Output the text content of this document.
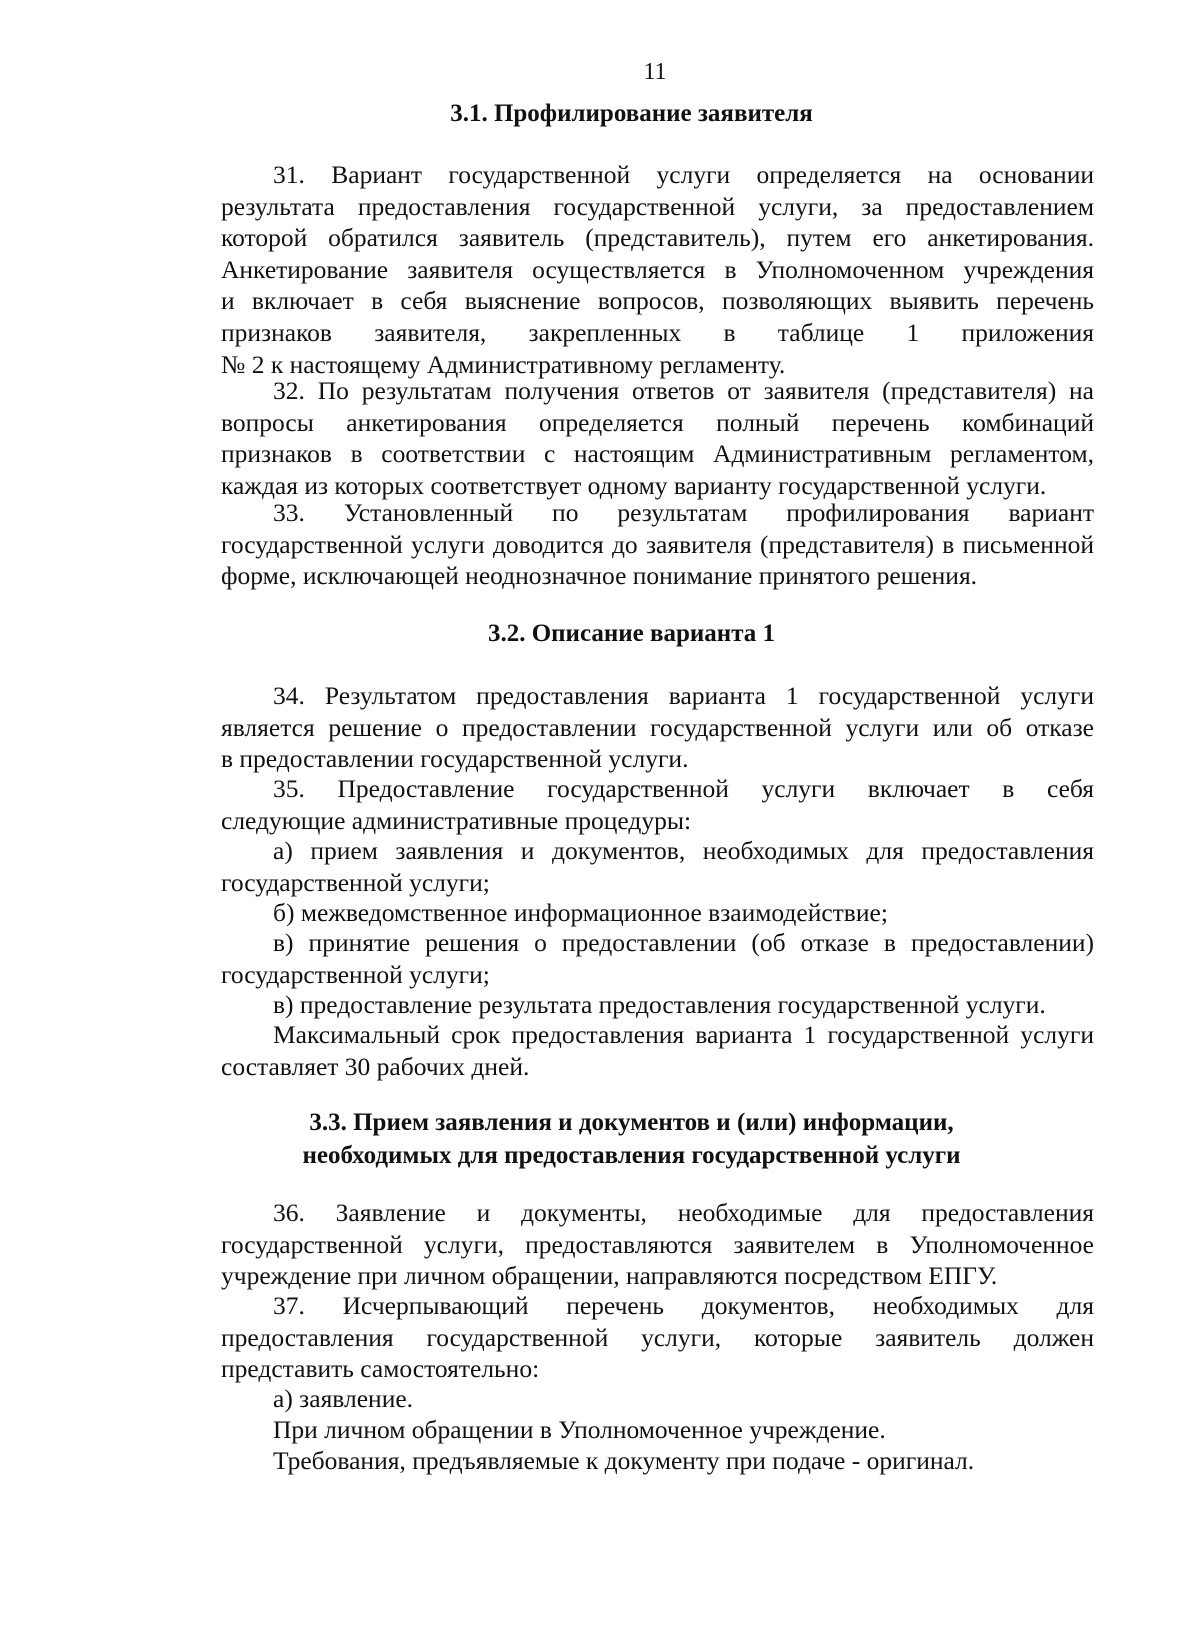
11
3.1. Профилирование заявителя
31. Вариант государственной услуги определяется на основании
результата предоставления государственной услуги, за предоставлением
которой обратился заявитель (представитель), путем его анкетирования.
Анкетирование заявителя осуществляется в Уполномоченном учреждения
и включает в себя выяснение вопросов, позволяющих выявить перечень
признаков заявителя, закрепленных в таблице 1 приложения
№ 2 к настоящему Административному регламенту.
32. По результатам получения ответов от заявителя (представителя) на
вопросы анкетирования определяется полный перечень комбинаций
признаков в соответствии с настоящим Административным регламентом,
каждая из которых соответствует одному варианту государственной услуги.
33. Установленный по результатам профилирования вариант
государственной услуги доводится до заявителя (представителя) в письменной
форме, исключающей неоднозначное понимание принятого решения.
3.2. Описание варианта 1
34. Результатом предоставления варианта 1 государственной услуги
является решение о предоставлении государственной услуги или об отказе
в предоставлении государственной услуги.
35. Предоставление государственной услуги включает в себя
следующие административные процедуры:
а) прием заявления и документов, необходимых для предоставления
государственной услуги;
б) межведомственное информационное взаимодействие;
в) принятие решения о предоставлении (об отказе в предоставлении)
государственной услуги;
в) предоставление результата предоставления государственной услуги.
Максимальный срок предоставления варианта 1 государственной услуги
составляет 30 рабочих дней.
3.3. Прием заявления и документов и (или) информации,
необходимых для предоставления государственной услуги
36. Заявление и документы, необходимые для предоставления
государственной услуги, предоставляются заявителем в Уполномоченное
учреждение при личном обращении, направляются посредством ЕПГУ.
37. Исчерпывающий перечень документов, необходимых для
предоставления государственной услуги, которые заявитель должен
представить самостоятельно:
а) заявление.
При личном обращении в Уполномоченное учреждение.
Требования, предъявляемые к документу при подаче - оригинал.
